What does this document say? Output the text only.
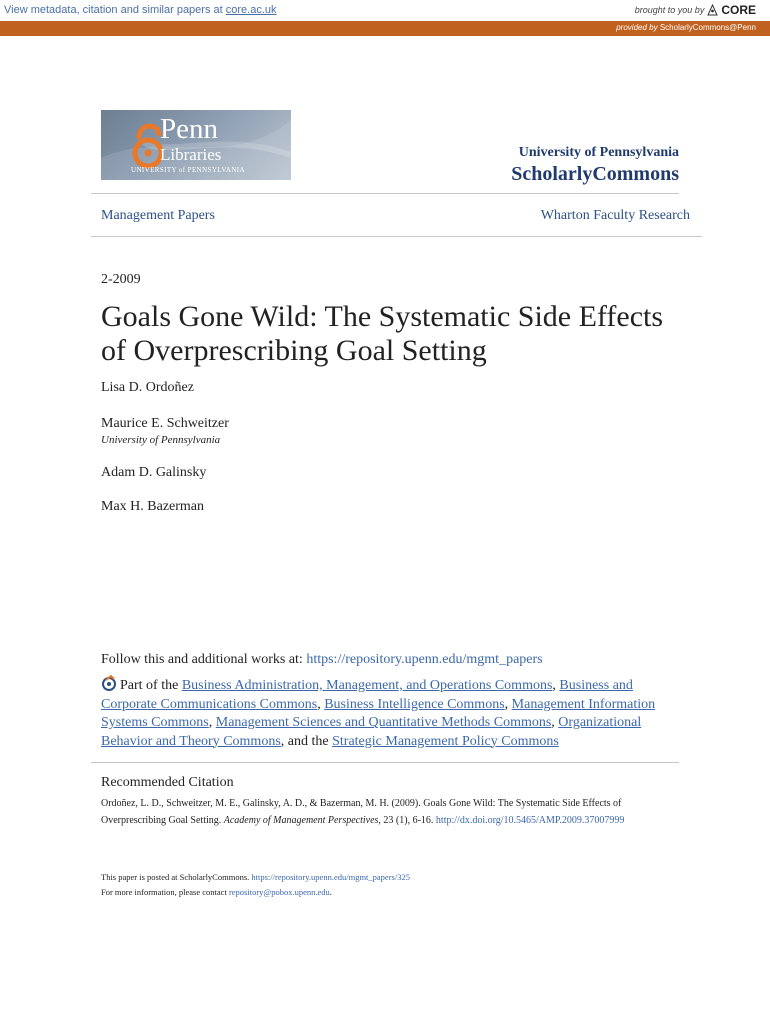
View metadata, citation and similar papers at core.ac.uk	brought to you by CORE
provided by ScholarlyCommons@Penn
Penn
Libraries
UNIVERSITY of PENNSYLVANIA
University of Pennsylvania
ScholarlyCommons
Management Papers	Wharton Faculty Research
2-2009
Goals Gone Wild: The Systematic Side Effects of Overprescribing Goal Setting
Lisa D. Ordoñez
Maurice E. Schweitzer
University of Pennsylvania
Adam D. Galinsky
Max H. Bazerman
Follow this and additional works at: https://repository.upenn.edu/mgmt_papers
Part of the Business Administration, Management, and Operations Commons, Business and Corporate Communications Commons, Business Intelligence Commons, Management Information Systems Commons, Management Sciences and Quantitative Methods Commons, Organizational Behavior and Theory Commons, and the Strategic Management Policy Commons
Recommended Citation
Ordoñez, L. D., Schweitzer, M. E., Galinsky, A. D., & Bazerman, M. H. (2009). Goals Gone Wild: The Systematic Side Effects of Overprescribing Goal Setting. Academy of Management Perspectives, 23 (1), 6-16. http://dx.doi.org/10.5465/AMP.2009.37007999
This paper is posted at ScholarlyCommons. https://repository.upenn.edu/mgmt_papers/325
For more information, please contact repository@pobox.upenn.edu.
